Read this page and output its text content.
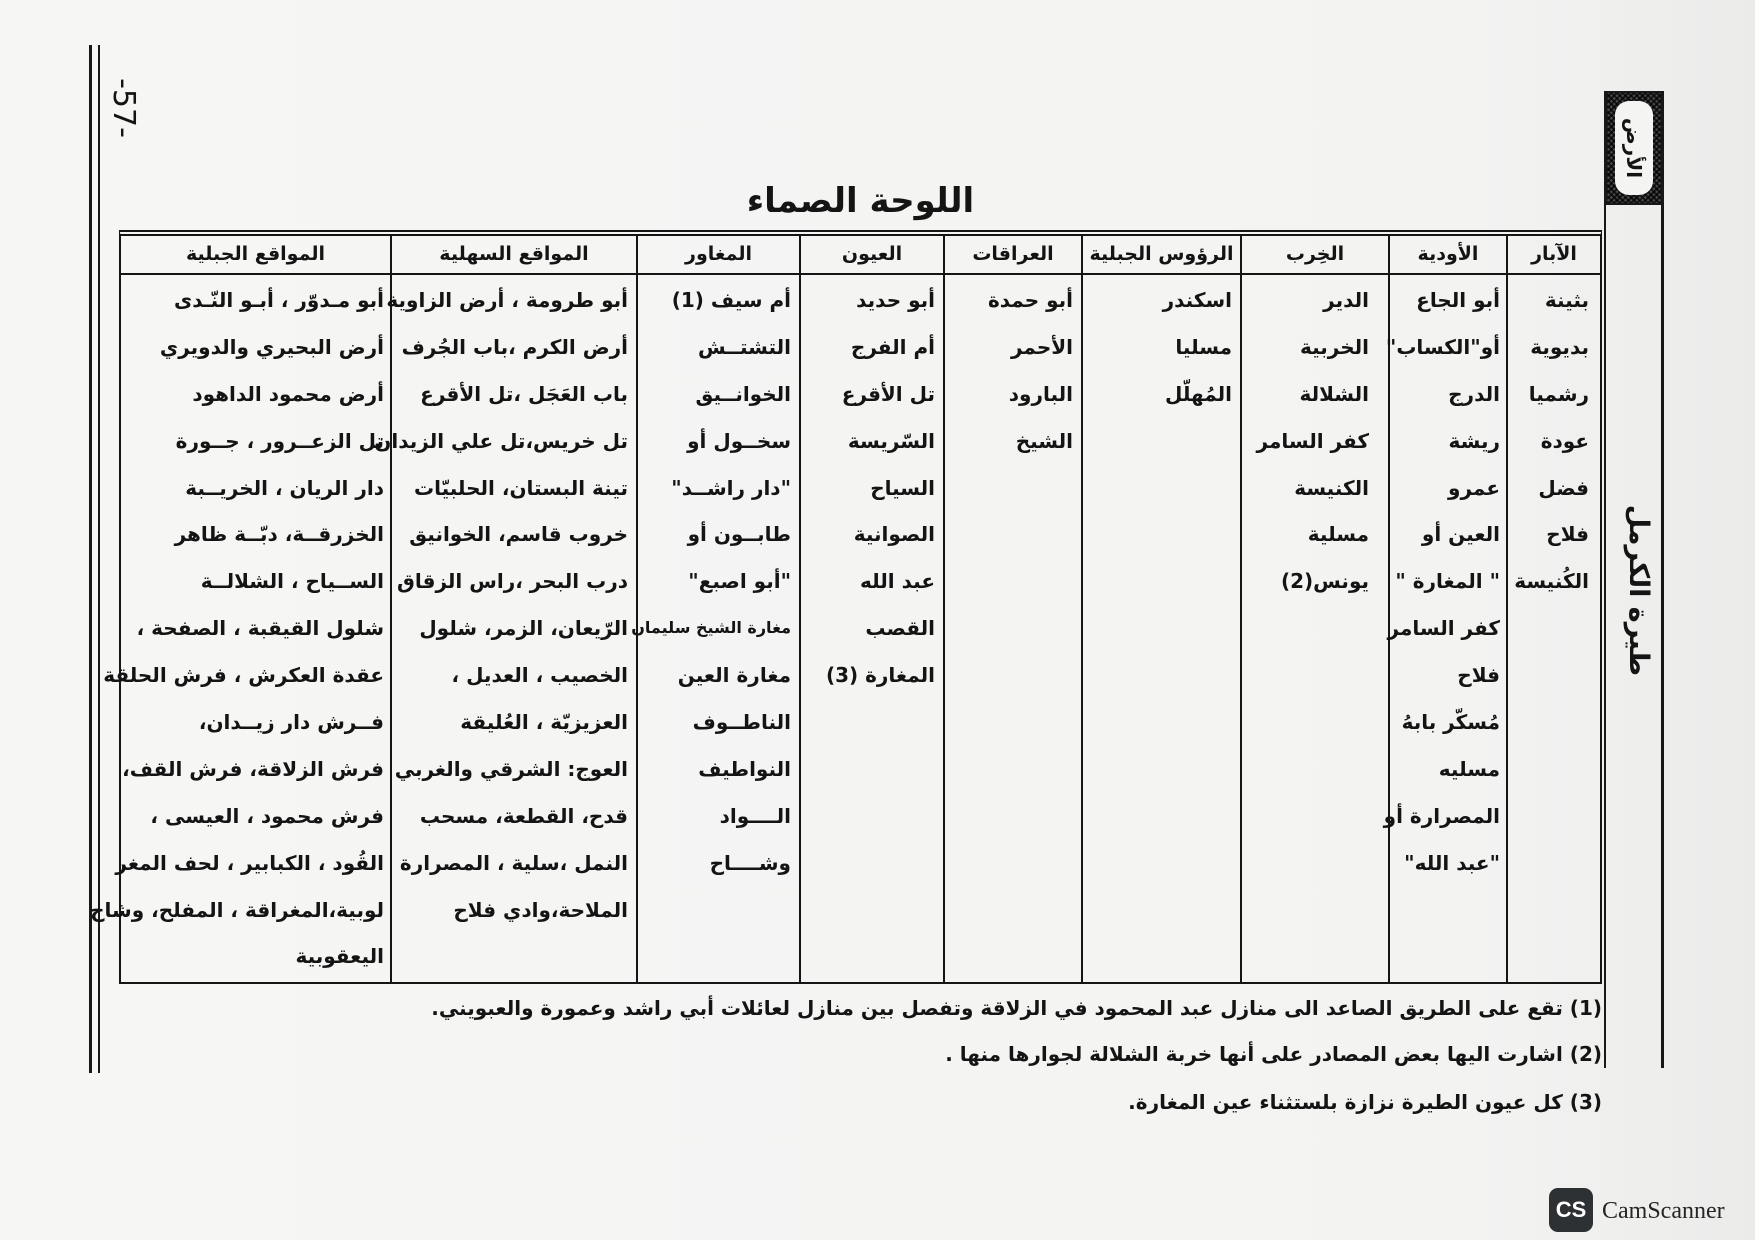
-57-
الأرض
طيرة الكرمل
اللوحة الصماء
الآبار
بثينة
بديوية
رشميا
عودة
فضل
فلاح
الكُنيسة
الأودية
أبو الجاع
أو"الكساب"
الدرج
ريشة
عمرو
العين أو
" المغارة "
كفر السامر
فلاح
مُسكّر بابهُ
مسليه
المصرارة أو
"عبد الله"
الخِرب
الدير
الخربية
الشلالة
كفر السامر
الكنيسة
مسلية
يونس(2)
الرؤوس الجبلية
اسكندر
مسليا
المُهلّل
العراقات
أبو حمدة
الأحمر
البارود
الشيخ
العيون
أبو حديد
أم الفرج
تل الأقرع
السّريسة
السياح
الصوانية
عبد الله
القصب
المغارة (3)
المغاور
أم سيف (1)
التشتــش
الخوانــيق
سخــول أو
"دار راشــد"
طابــون أو
"أبو اصبع"
مغارة الشيخ سليمان
مغارة العين
الناطــوف
النواطيف
الــــواد
وشــــاح
المواقع السهلية
أبو طرومة ، أرض الزاوية
أرض الكرم ،باب الجُرف
باب العَجَل ،تل الأقرع
تل خريس،تل علي الزيدان
تينة البستان، الحلبيّات
خروب قاسم، الخوانيق
درب البحر ،راس الزقاق
الرّيعان، الزمر، شلول
الخصيب ، العديل ،
العزيزيّة ، العُليقة
العوج: الشرقي والغربي
قدح، القطعة، مسحب
النمل ،سلية ، المصرارة
الملاحة،وادي فلاح
المواقع الجبلية
أبو مـدوّر ، أبـو النّـدى
أرض البحيري والدويري
أرض محمود الداهود
تل الزعــرور ، جــورة
دار الريان ، الخريــبة
الخزرقــة، دبّــة ظاهر
الســياح ، الشلالــة
شلول القيقبة ، الصفحة ،
عقدة العكرش ، فرش الحلقة
فــرش دار زيــدان،
فرش الزلاقة، فرش القف،
فرش محمود ، العيسى ،
القُود ، الكبابير ، لحف المغر
لوبية،المغراقة ، المفلح، وشاح
اليعقوبية
(1) تقع على الطريق الصاعد الى منازل عبد المحمود في الزلاقة وتفصل بين منازل لعائلات أبي راشد وعمورة والعبويني.
(2) اشارت اليها بعض المصادر على أنها خربة الشلالة لجوارها منها .
(3) كل عيون الطيرة نزازة بلستثناء عين المغارة.
CS CamScanner
